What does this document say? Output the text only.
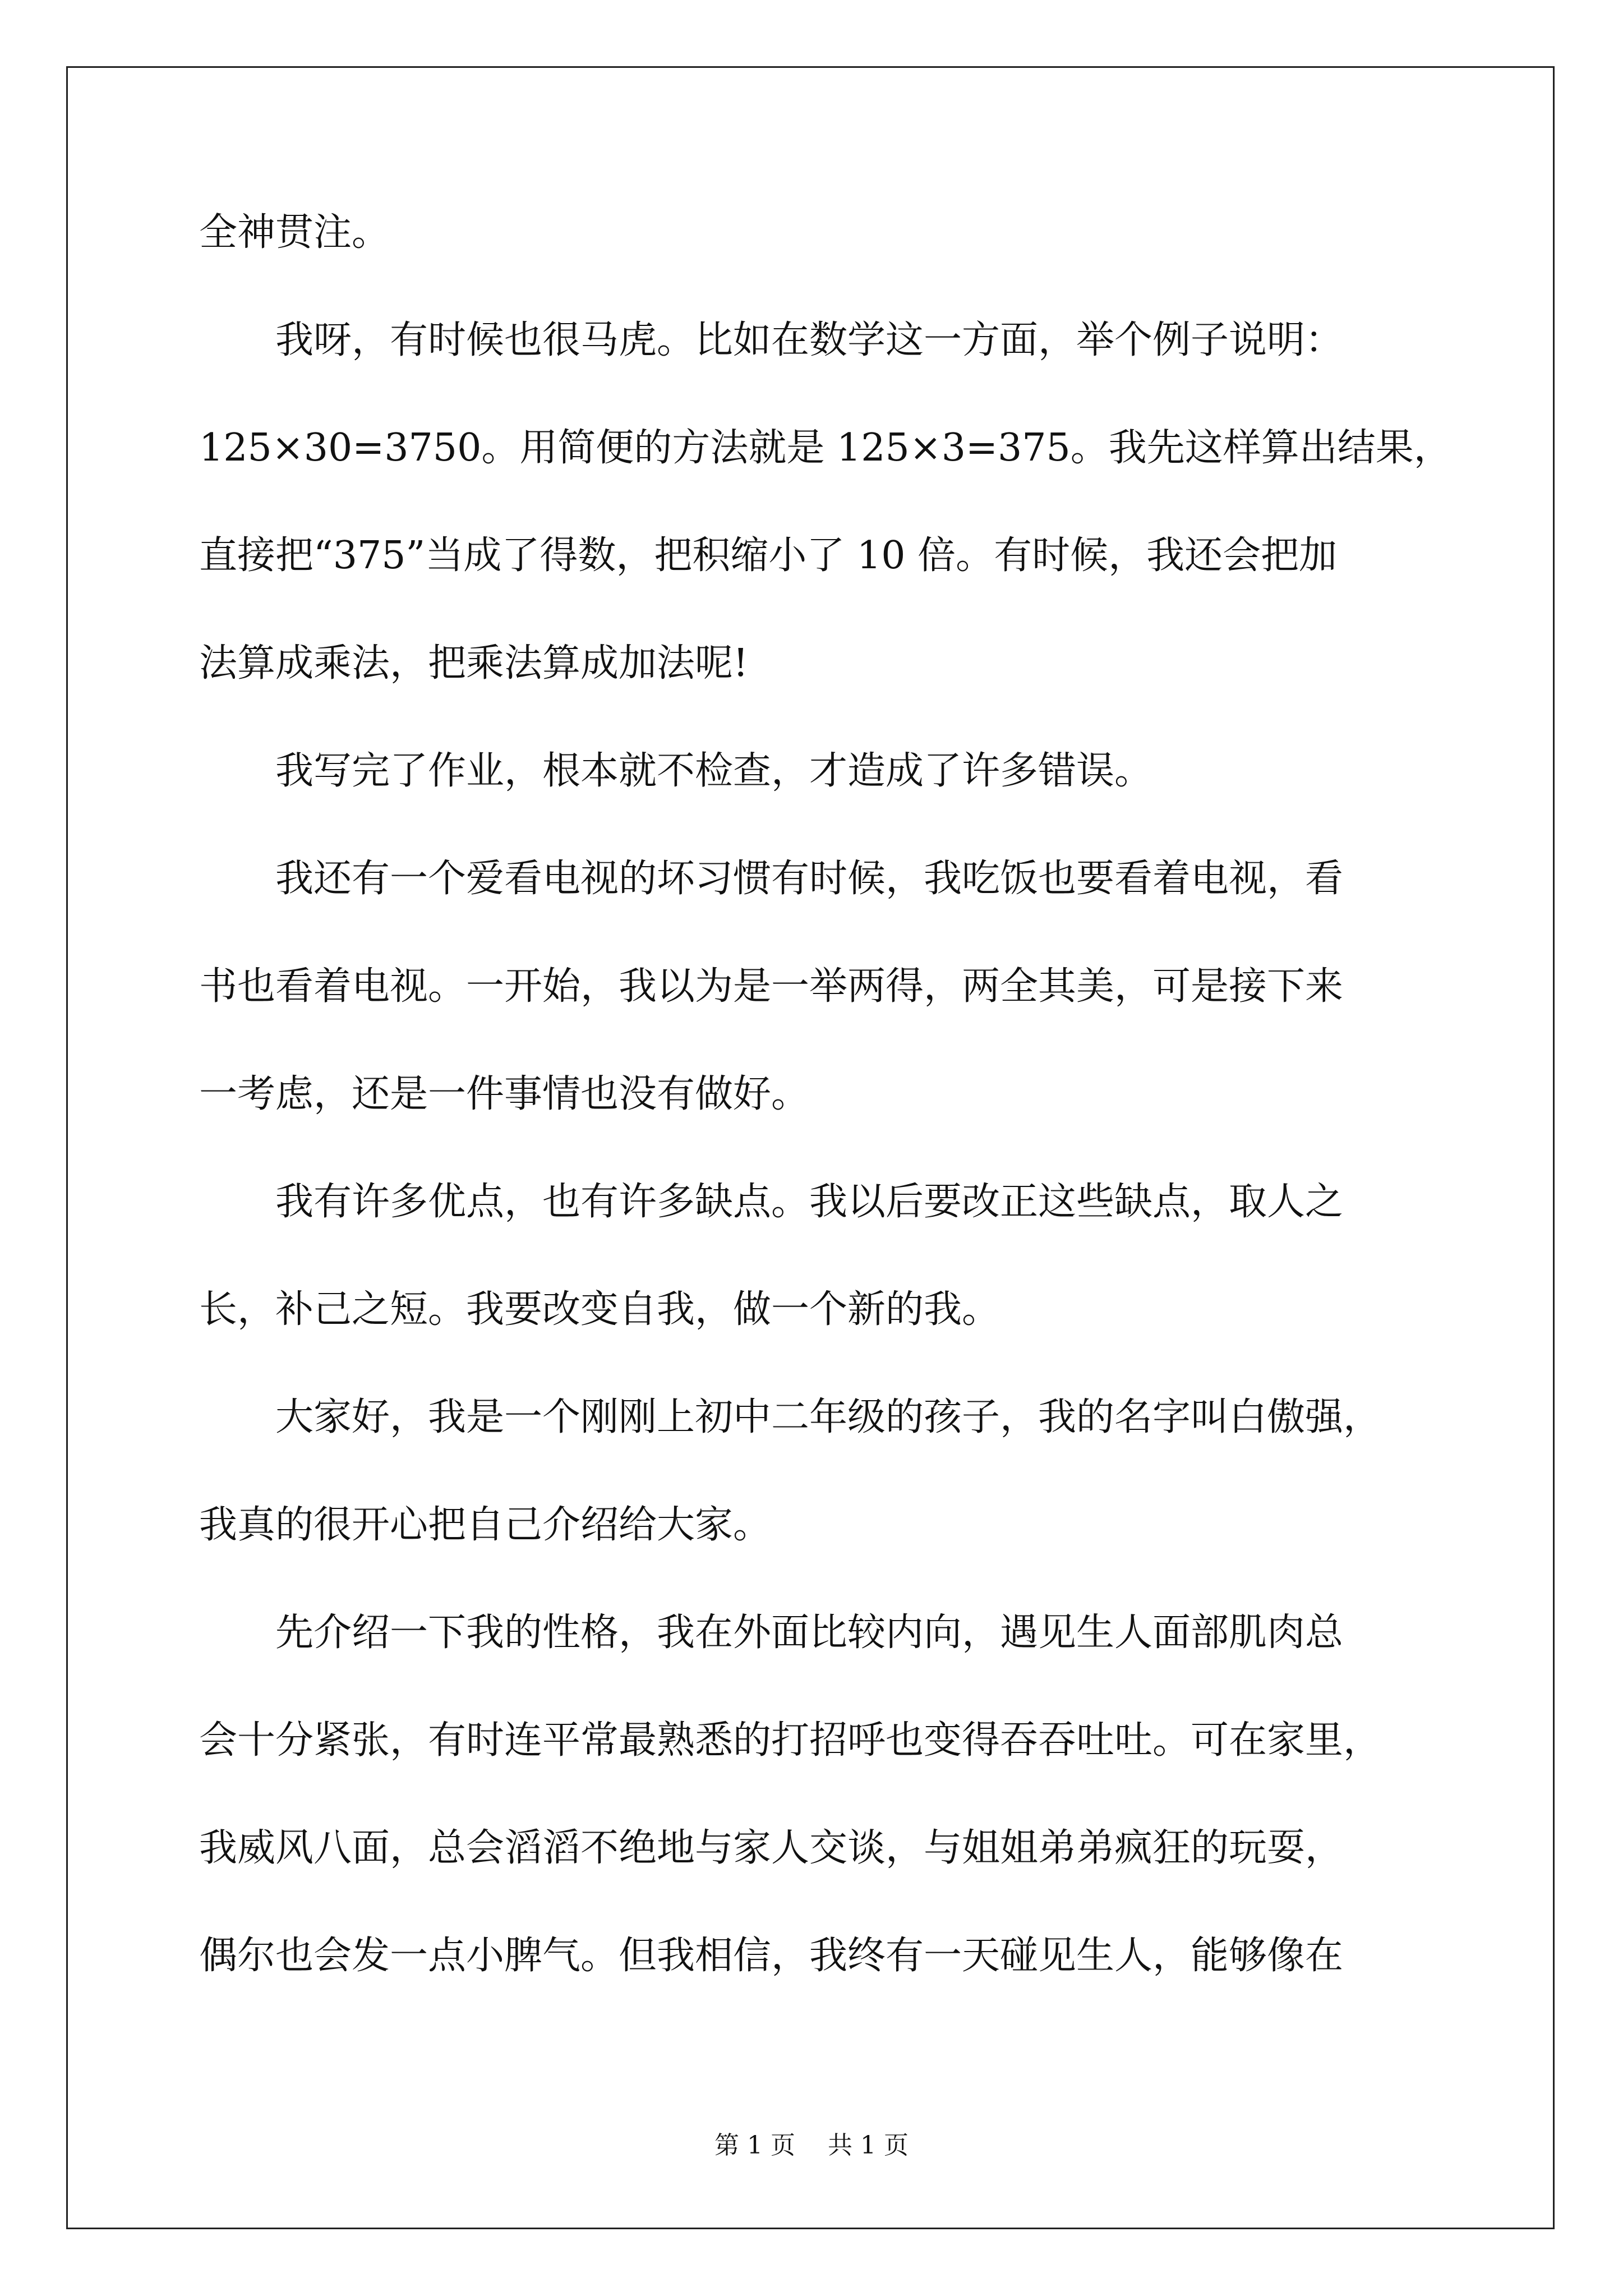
全神贯注。
　　我呀，有时候也很马虎。比如在数学这一方面，举个例子说明：
125×30=3750。用简便的方法就是 125×3=375。我先这样算出结果，
直接把“375”当成了得数，把积缩小了 10 倍。有时候，我还会把加
法算成乘法，把乘法算成加法呢!
　　我写完了作业，根本就不检查，才造成了许多错误。
　　我还有一个爱看电视的坏习惯有时候，我吃饭也要看着电视，看
书也看着电视。一开始，我以为是一举两得，两全其美，可是接下来
一考虑，还是一件事情也没有做好。
　　我有许多优点，也有许多缺点。我以后要改正这些缺点，取人之
长，补己之短。我要改变自我，做一个新的我。
　　大家好，我是一个刚刚上初中二年级的孩子，我的名字叫白傲强，
我真的很开心把自己介绍给大家。
　　先介绍一下我的性格，我在外面比较内向，遇见生人面部肌肉总
会十分紧张，有时连平常最熟悉的打招呼也变得吞吞吐吐。可在家里，
我威风八面，总会滔滔不绝地与家人交谈，与姐姐弟弟疯狂的玩耍，
偶尔也会发一点小脾气。但我相信，我终有一天碰见生人，能够像在
第 1 页　 共 1 页
